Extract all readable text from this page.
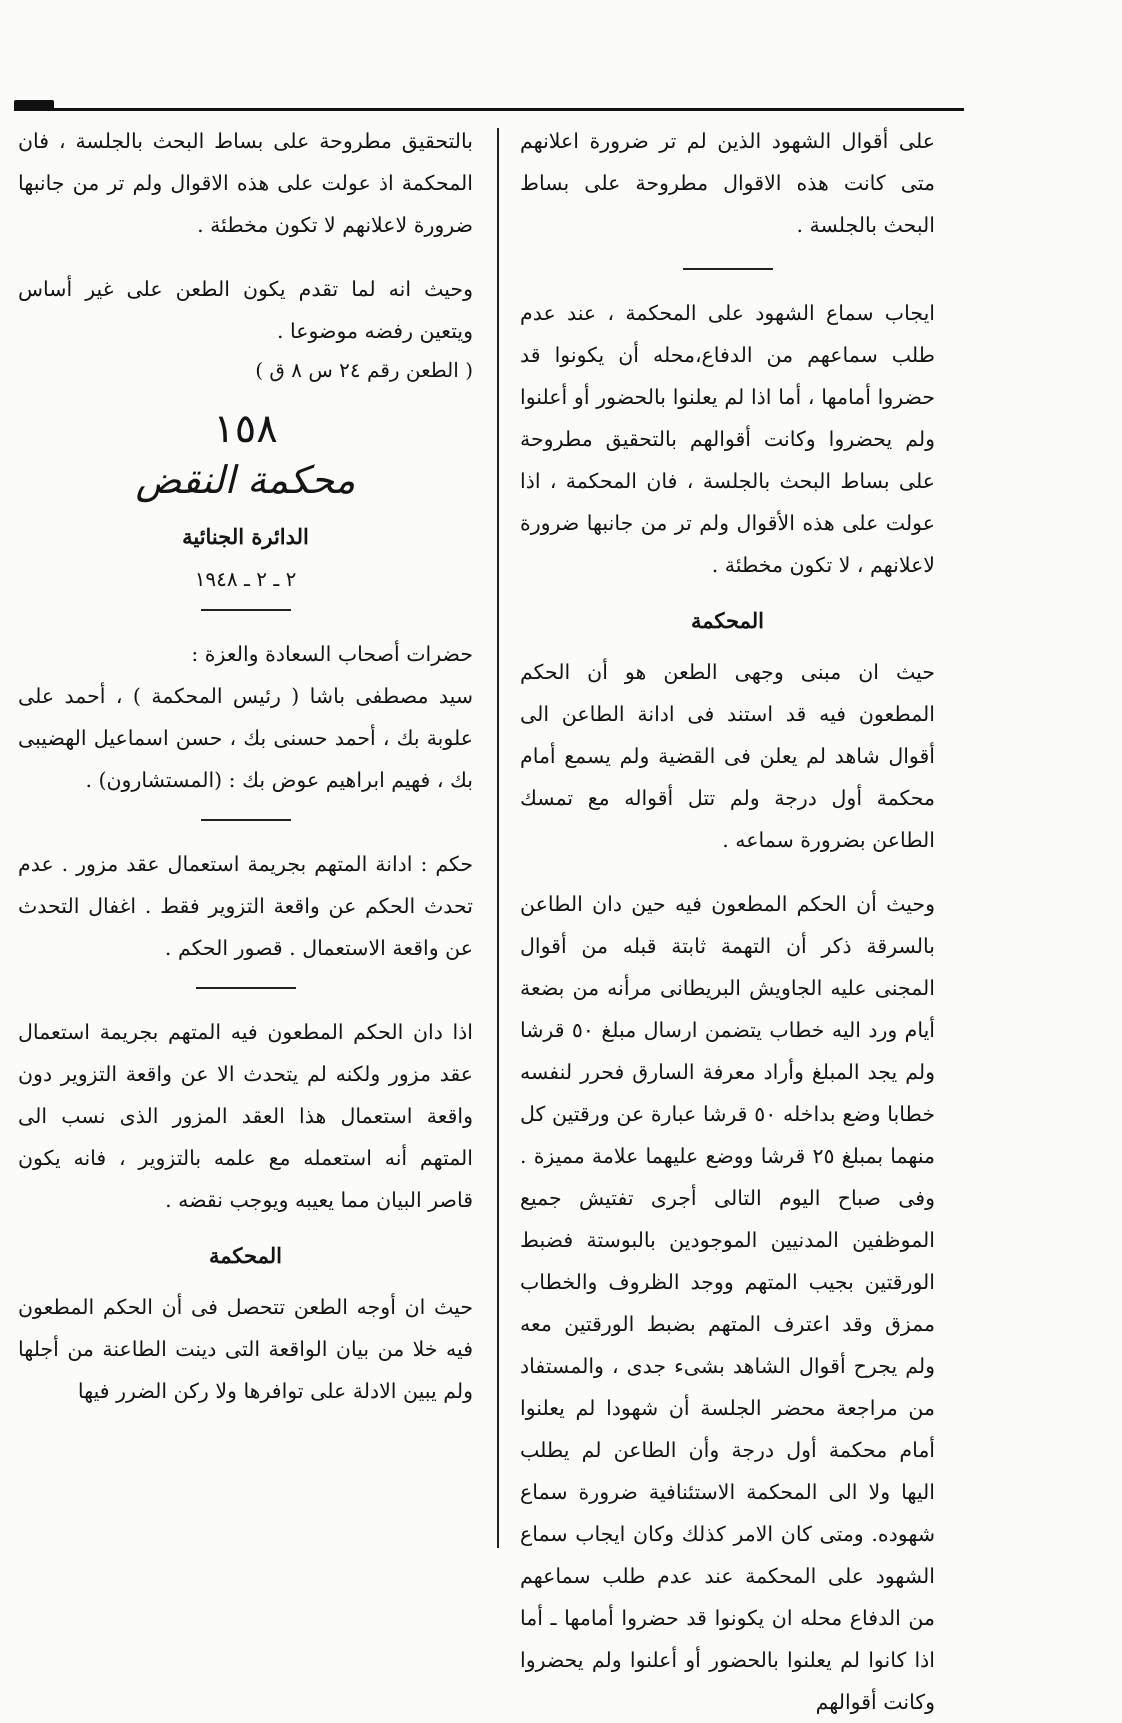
على أقوال الشهود الذين لم تر ضرورة اعلانهم متى كانت هذه الاقوال مطروحة على بساط البحث بالجلسة .

ايجاب سماع الشهود على المحكمة ، عند عدم طلب سماعهم من الدفاع،محله أن يكونوا قد حضروا أمامها ، أما اذا لم يعلنوا بالحضور أو أعلنوا ولم يحضروا وكانت أقوالهم بالتحقيق مطروحة على بساط البحث بالجلسة ، فان المحكمة ، اذا عولت على هذه الأقوال ولم تر من جانبها ضرورة لاعلانهم ، لا تكون مخطئة .

المحكمة

حيث ان مبنى وجهى الطعن هو أن الحكم المطعون فيه قد استند فى ادانة الطاعن الى أقوال شاهد لم يعلن فى القضية ولم يسمع أمام محكمة أول درجة ولم تتل أقواله مع تمسك الطاعن بضرورة سماعه .

وحيث أن الحكم المطعون فيه حين دان الطاعن بالسرقة ذكر أن التهمة ثابتة قبله من أقوال المجنى عليه الجاويش البريطانى مرأنه من بضعة أيام ورد اليه خطاب يتضمن ارسال مبلغ ٥٠ قرشا ولم يجد المبلغ وأراد معرفة السارق فحرر لنفسه خطابا وضع بداخله ٥٠ قرشا عبارة عن ورقتين كل منهما بمبلغ ٢٥ قرشا ووضع عليهما علامة مميزة . وفى صباح اليوم التالى أجرى تفتيش جميع الموظفين المدنيين الموجودين بالبوستة فضبط الورقتين بجيب المتهم ووجد الظروف والخطاب ممزق وقد اعترف المتهم بضبط الورقتين معه ولم يجرح أقوال الشاهد بشىء جدى ، والمستفاد من مراجعة محضر الجلسة أن شهودا لم يعلنوا أمام محكمة أول درجة وأن الطاعن لم يطلب اليها ولا الى المحكمة الاستئنافية ضرورة سماع شهوده. ومتى كان الامر كذلك وكان ايجاب سماع الشهود على المحكمة عند عدم طلب سماعهم من الدفاع محله ان يكونوا قد حضروا أمامها ـ أما اذا كانوا لم يعلنوا بالحضور أو أعلنوا ولم يحضروا وكانت أقوالهم

بالتحقيق مطروحة على بساط البحث بالجلسة ، فان المحكمة اذ عولت على هذه الاقوال ولم تر من جانبها ضرورة لاعلانهم لا تكون مخطئة .

وحيث انه لما تقدم يكون الطعن على غير أساس ويتعين رفضه موضوعا .

( الطعن رقم ٢٤ س ٨ ق )

١٥٨

محكمة النقض

الدائرة الجنائية

٢ ـ ٢ ـ ١٩٤٨

حضرات أصحاب السعادة والعزة :

سيد مصطفى باشا ( رئيس المحكمة ) ، أحمد على علوبة بك ، أحمد حسنى بك ، حسن اسماعيل الهضيبى بك ، فهيم ابراهيم عوض بك : (المستشارون) .

حكم : ادانة المتهم بجريمة استعمال عقد مزور . عدم تحدث الحكم عن واقعة التزوير فقط . اغفال التحدث عن واقعة الاستعمال . قصور الحكم .

اذا دان الحكم المطعون فيه المتهم بجريمة استعمال عقد مزور ولكنه لم يتحدث الا عن واقعة التزوير دون واقعة استعمال هذا العقد المزور الذى نسب الى المتهم أنه استعمله مع علمه بالتزوير ، فانه يكون قاصر البيان مما يعيبه ويوجب نقضه .

المحكمة

حيث ان أوجه الطعن تتحصل فى أن الحكم المطعون فيه خلا من بيان الواقعة التى دينت الطاعنة من أجلها ولم يبين الادلة على توافرها ولا ركن الضرر فيها
